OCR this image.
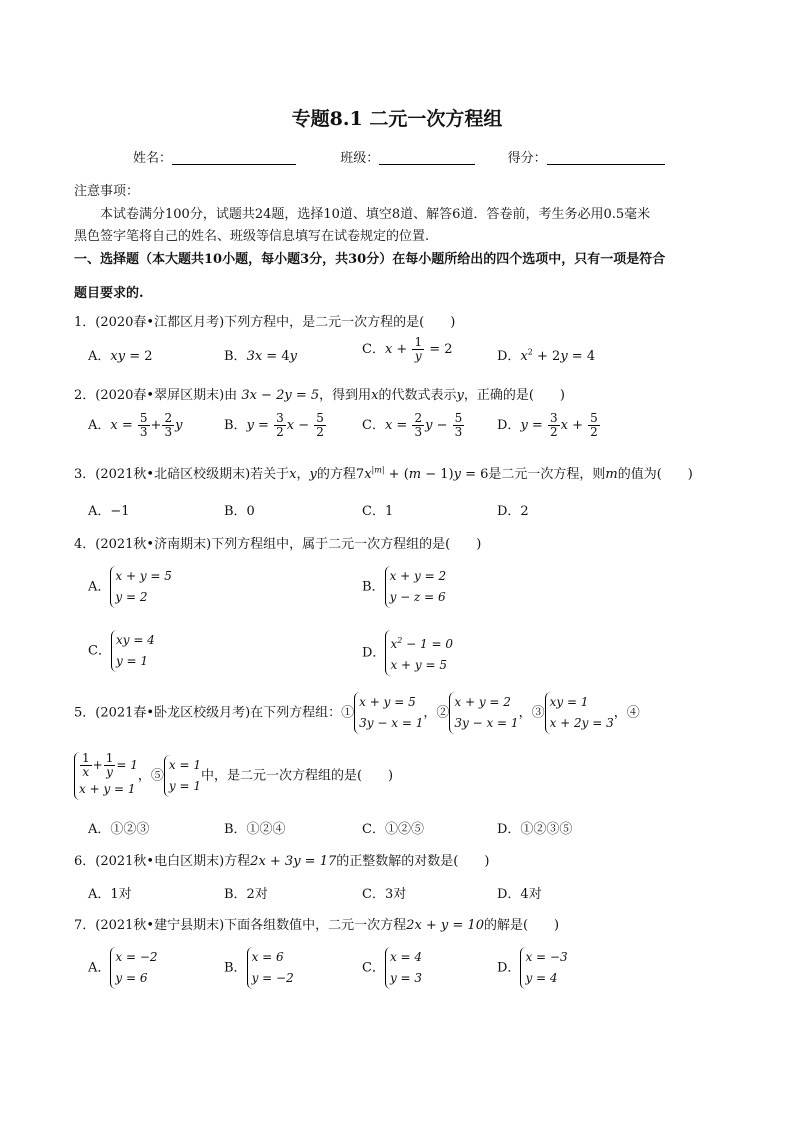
专题8.1 二元一次方程组
姓名：	班级：	得分：
注意事项：
本试卷满分100分，试题共24题，选择10道、填空8道、解答6道．答卷前，考生务必用0.5毫米
黑色签字笔将自己的姓名、班级等信息填写在试卷规定的位置.
一、选择题（本大题共10小题，每小题3分，共30分）在每小题所给出的四个选项中，只有一项是符合
题目要求的.
1．(2020春•江都区月考)下列方程中，是二元一次方程的是(　　)
A．xy = 2	B．3x = 4y	C．$x + \frac{1}{y} = 2$	D．$x^2 + 2y = 4$
2．(2020春•翠屏区期末)由 3x − 2y = 5，得到用x的代数式表示y，正确的是(　　)
A．$x = \frac{5}{3} + \frac{2}{3}$ y	B．$y = \frac{3}{2}$ $x - \frac{5}{2}$	C．$x = \frac{2}{3}$ $y - \frac{5}{3}$	D．$y = \frac{3}{2}$ $x + \frac{5}{2}$
3．(2021秋•北碚区校级期末)若关于x，y的方程$7x^{|m|} + (m - 1)y = 6$是二元一次方程，则m的值为(　　)
A．−1	B．0	C．1	D．2
4．(2021秋•济南期末)下列方程组中，属于二元一次方程组的是(　　)
A．
x + y = 5
y = 2
B．
x + y = 2
y − z = 6
C．
xy = 4
y = 1
D．
$x^2 - 1 = 0$
x + y = 5
5．(2021春•卧龙区校级月考)在下列方程组：①
x + y = 5
3y − x = 1
，②
x + y = 2
3y − x = 1
，③
xy = 1
x + 2y = 3
，④
$\frac{1}{x} + \frac{1}{y} = 1$
x + y = 1
，⑤
x = 1
y = 1
中，是二元一次方程组的是(　　)
A．①②③	B．①②④	C．①②⑤	D．①②③⑤
6．(2021秋•电白区期末)方程2x + 3y = 17的正整数解的对数是(　　)
A．1对	B．2对	C．3对	D．4对
7．(2021秋•建宁县期末)下面各组数值中，二元一次方程2x + y = 10的解是(　　)
A．
x = −2
y = 6
B．
x = 6
y = −2
C．
x = 4
y = 3
D．
x = −3
y = 4
